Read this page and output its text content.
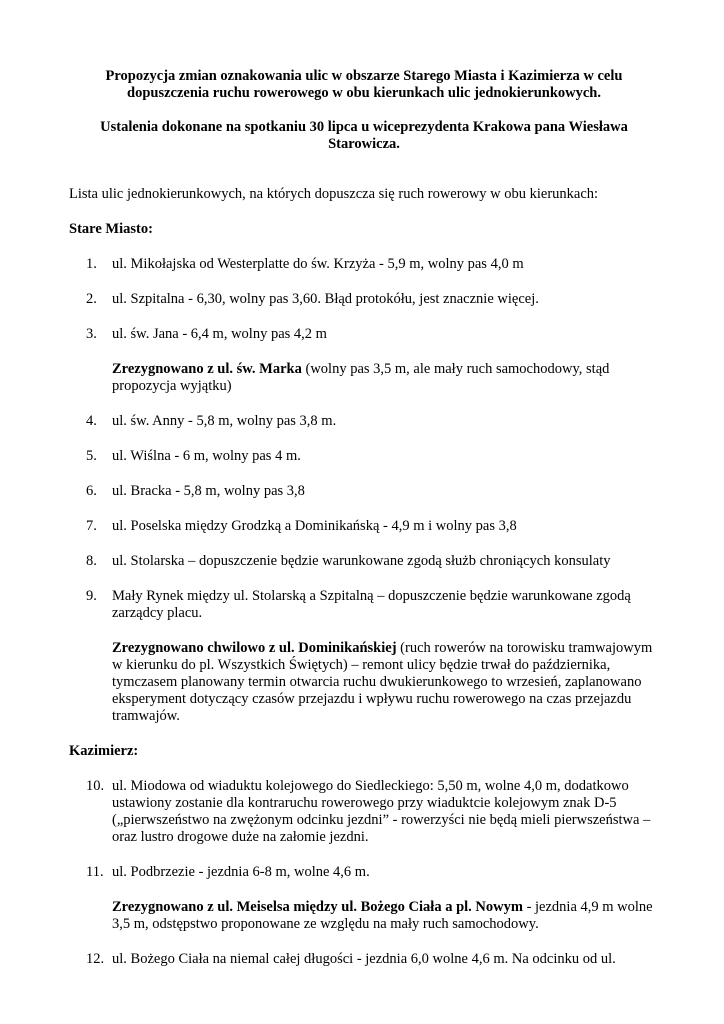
Propozycja zmian oznakowania ulic w obszarze Starego Miasta i Kazimierza w celu dopuszczenia ruchu rowerowego w obu kierunkach ulic jednokierunkowych.

Ustalenia dokonane na spotkaniu 30 lipca u wiceprezydenta Krakowa pana Wiesława Starowicza.

Lista ulic jednokierunkowych, na których dopuszcza się ruch rowerowy w obu kierunkach:

Stare Miasto:

1. ul. Mikołajska od Westerplatte do św. Krzyża - 5,9 m, wolny pas 4,0 m
2. ul. Szpitalna - 6,30, wolny pas 3,60. Błąd protokółu, jest znacznie więcej.
3. ul. św. Jana - 6,4 m, wolny pas 4,2 m

Zrezygnowano z ul. św. Marka (wolny pas 3,5 m, ale mały ruch samochodowy, stąd propozycja wyjątku)

4. ul. św. Anny - 5,8 m, wolny pas 3,8 m.
5. ul. Wiślna - 6 m, wolny pas 4 m.
6. ul. Bracka - 5,8 m, wolny pas 3,8
7. ul. Poselska między Grodzką a Dominikańską - 4,9 m i wolny pas 3,8
8. ul. Stolarska – dopuszczenie będzie warunkowane zgodą służb chroniących konsulaty
9. Mały Rynek między ul. Stolarską a Szpitalną – dopuszczenie będzie warunkowane zgodą zarządcy placu.

Zrezygnowano chwilowo z ul. Dominikańskiej (ruch rowerów na torowisku tramwajowym w kierunku do pl. Wszystkich Świętych) – remont ulicy będzie trwał do października, tymczasem planowany termin otwarcia ruchu dwukierunkowego to wrzesień, zaplanowano eksperyment dotyczący czasów przejazdu i wpływu ruchu rowerowego na czas przejazdu tramwajów.

Kazimierz:

10. ul. Miodowa od wiaduktu kolejowego do Siedleckiego: 5,50 m, wolne 4,0 m, dodatkowo ustawiony zostanie dla kontraruchu rowerowego przy wiaduktcie kolejowym znak D-5 („pierwszeństwo na zwężonym odcinku jezdni” - rowerzyści nie będą mieli pierwszeństwa – oraz lustro drogowe duże na załomie jezdni.
11. ul. Podbrzezie - jezdnia 6-8 m, wolne 4,6 m.

Zrezygnowano z ul. Meiselsa między ul. Bożego Ciała a pl. Nowym - jezdnia 4,9 m wolne 3,5 m, odstępstwo proponowane ze względu na mały ruch samochodowy.

12. ul. Bożego Ciała na niemal całej długości - jezdnia 6,0 wolne 4,6 m. Na odcinku od ul.
